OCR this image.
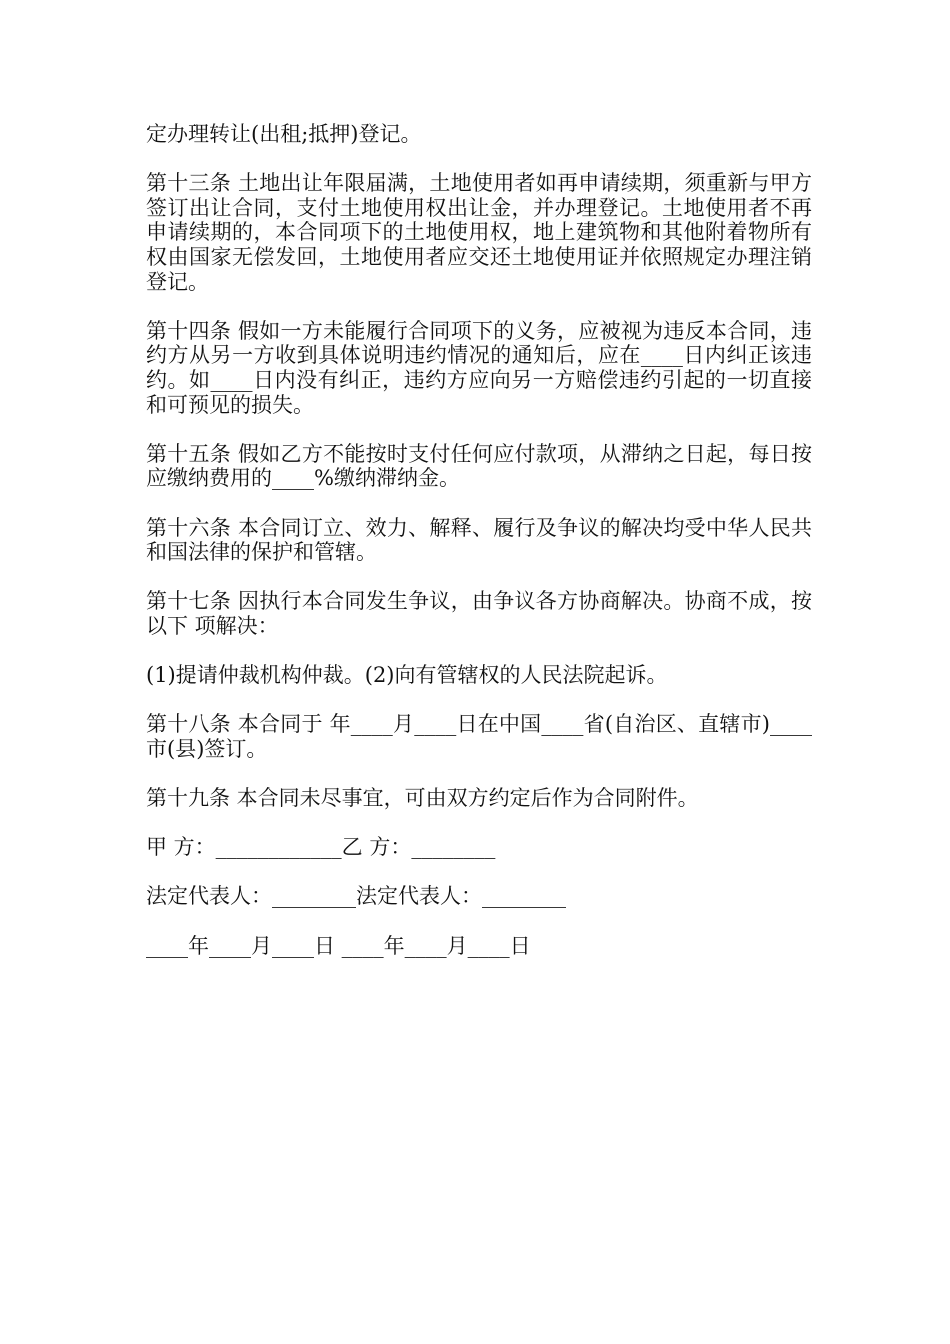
定办理转让(出租;抵押)登记。

第十三条 土地出让年限届满，土地使用者如再申请续期，须重新与甲方签订出让合同，支付土地使用权出让金，并办理登记。土地使用者不再申请续期的，本合同项下的土地使用权，地上建筑物和其他附着物所有权由国家无偿发回，土地使用者应交还土地使用证并依照规定办理注销登记。

第十四条 假如一方未能履行合同项下的义务，应被视为违反本合同，违约方从另一方收到具体说明违约情况的通知后，应在____日内纠正该违约。如____日内没有纠正，违约方应向另一方赔偿违约引起的一切直接和可预见的损失。

第十五条 假如乙方不能按时支付任何应付款项，从滞纳之日起，每日按应缴纳费用的____%缴纳滞纳金。

第十六条 本合同订立、效力、解释、履行及争议的解决均受中华人民共和国法律的保护和管辖。

第十七条 因执行本合同发生争议，由争议各方协商解决。协商不成，按以下 项解决：

(1)提请仲裁机构仲裁。(2)向有管辖权的人民法院起诉。

第十八条 本合同于 年____月____日在中国____省(自治区、直辖市)____市(县)签订。

第十九条 本合同未尽事宜，可由双方约定后作为合同附件。

甲 方：____________乙 方：________

法定代表人：________法定代表人：________

____年____月____日 ____年____月____日
